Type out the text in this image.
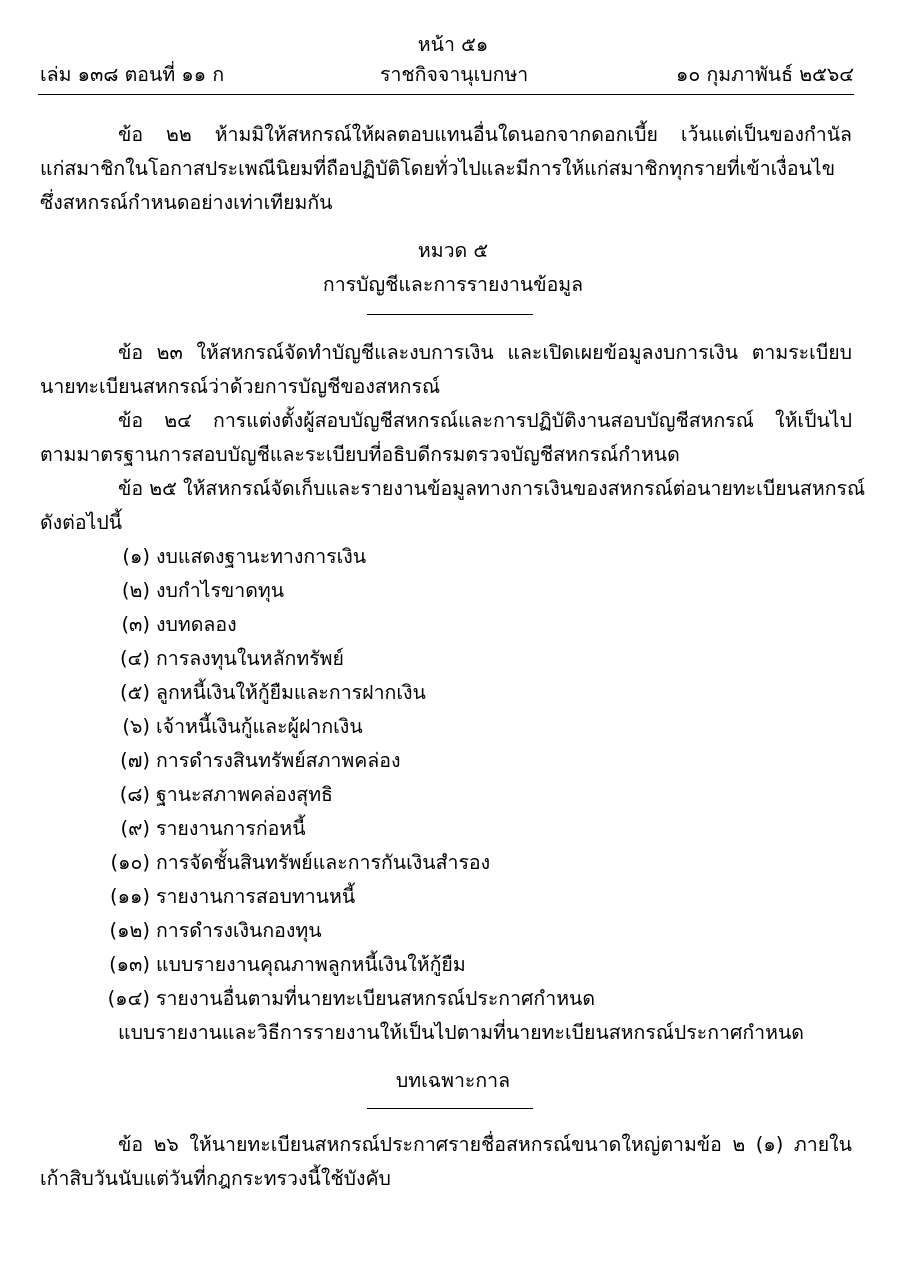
หน้า ๕๑
เล่ม ๑๓๘ ตอนที่ ๑๑ ก	ราชกิจจานุเบกษา	๑๐ กุมภาพันธ์ ๒๕๖๔
ข้อ ๒๒ ห้ามมิให้สหกรณ์ให้ผลตอบแทนอื่นใดนอกจากดอกเบี้ย เว้นแต่เป็นของกำนัล
แก่สมาชิกในโอกาสประเพณีนิยมที่ถือปฏิบัติโดยทั่วไปและมีการให้แก่สมาชิกทุกรายที่เข้าเงื่อนไข
ซึ่งสหกรณ์กำหนดอย่างเท่าเทียมกัน
หมวด ๕
การบัญชีและการรายงานข้อมูล
ข้อ ๒๓ ให้สหกรณ์จัดทำบัญชีและงบการเงิน และเปิดเผยข้อมูลงบการเงิน ตามระเบียบ
นายทะเบียนสหกรณ์ว่าด้วยการบัญชีของสหกรณ์
ข้อ ๒๔ การแต่งตั้งผู้สอบบัญชีสหกรณ์และการปฏิบัติงานสอบบัญชีสหกรณ์ ให้เป็นไป
ตามมาตรฐานการสอบบัญชีและระเบียบที่อธิบดีกรมตรวจบัญชีสหกรณ์กำหนด
ข้อ ๒๕ ให้สหกรณ์จัดเก็บและรายงานข้อมูลทางการเงินของสหกรณ์ต่อนายทะเบียนสหกรณ์
ดังต่อไปนี้
(๑) งบแสดงฐานะทางการเงิน
(๒) งบกำไรขาดทุน
(๓) งบทดลอง
(๔) การลงทุนในหลักทรัพย์
(๕) ลูกหนี้เงินให้กู้ยืมและการฝากเงิน
(๖) เจ้าหนี้เงินกู้และผู้ฝากเงิน
(๗) การดำรงสินทรัพย์สภาพคล่อง
(๘) ฐานะสภาพคล่องสุทธิ
(๙) รายงานการก่อหนี้
(๑๐) การจัดชั้นสินทรัพย์และการกันเงินสำรอง
(๑๑) รายงานการสอบทานหนี้
(๑๒) การดำรงเงินกองทุน
(๑๓) แบบรายงานคุณภาพลูกหนี้เงินให้กู้ยืม
(๑๔) รายงานอื่นตามที่นายทะเบียนสหกรณ์ประกาศกำหนด
แบบรายงานและวิธีการรายงานให้เป็นไปตามที่นายทะเบียนสหกรณ์ประกาศกำหนด
บทเฉพาะกาล
ข้อ ๒๖ ให้นายทะเบียนสหกรณ์ประกาศรายชื่อสหกรณ์ขนาดใหญ่ตามข้อ ๒ (๑) ภายใน
เก้าสิบวันนับแต่วันที่กฎกระทรวงนี้ใช้บังคับ
